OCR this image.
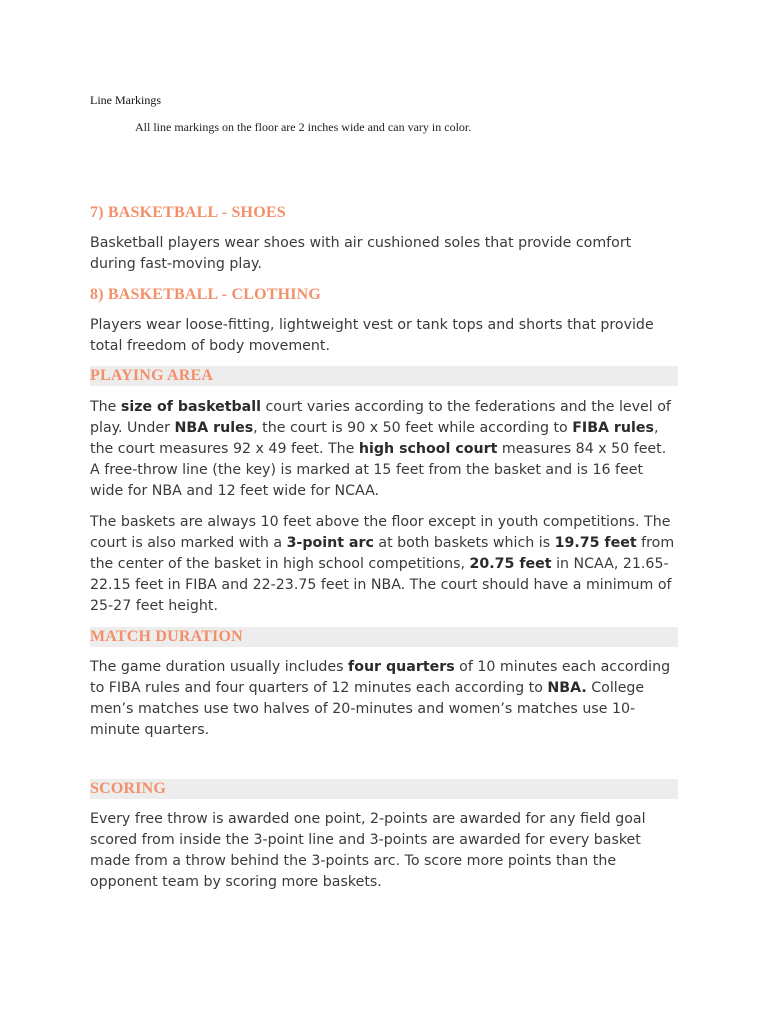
Line Markings
All line markings on the floor are 2 inches wide and can vary in color.
7) BASKETBALL - SHOES

Basketball players wear shoes with air cushioned soles that provide comfort during fast-moving play.

8) BASKETBALL - CLOTHING

Players wear loose-fitting, lightweight vest or tank tops and shorts that provide total freedom of body movement.

PLAYING AREA

The size of basketball court varies according to the federations and the level of play. Under NBA rules, the court is 90 x 50 feet while according to FIBA rules, the court measures 92 x 49 feet. The high school court measures 84 x 50 feet. A free-throw line (the key) is marked at 15 feet from the basket and is 16 feet wide for NBA and 12 feet wide for NCAA.

The baskets are always 10 feet above the floor except in youth competitions. The court is also marked with a 3-point arc at both baskets which is 19.75 feet from the center of the basket in high school competitions, 20.75 feet in NCAA, 21.65-22.15 feet in FIBA and 22-23.75 feet in NBA. The court should have a minimum of 25-27 feet height.

MATCH DURATION

The game duration usually includes four quarters of 10 minutes each according to FIBA rules and four quarters of 12 minutes each according to NBA. College men’s matches use two halves of 20-minutes and women’s matches use 10-minute quarters.

SCORING

Every free throw is awarded one point, 2-points are awarded for any field goal scored from inside the 3-point line and 3-points are awarded for every basket made from a throw behind the 3-points arc. To score more points than the opponent team by scoring more baskets.
